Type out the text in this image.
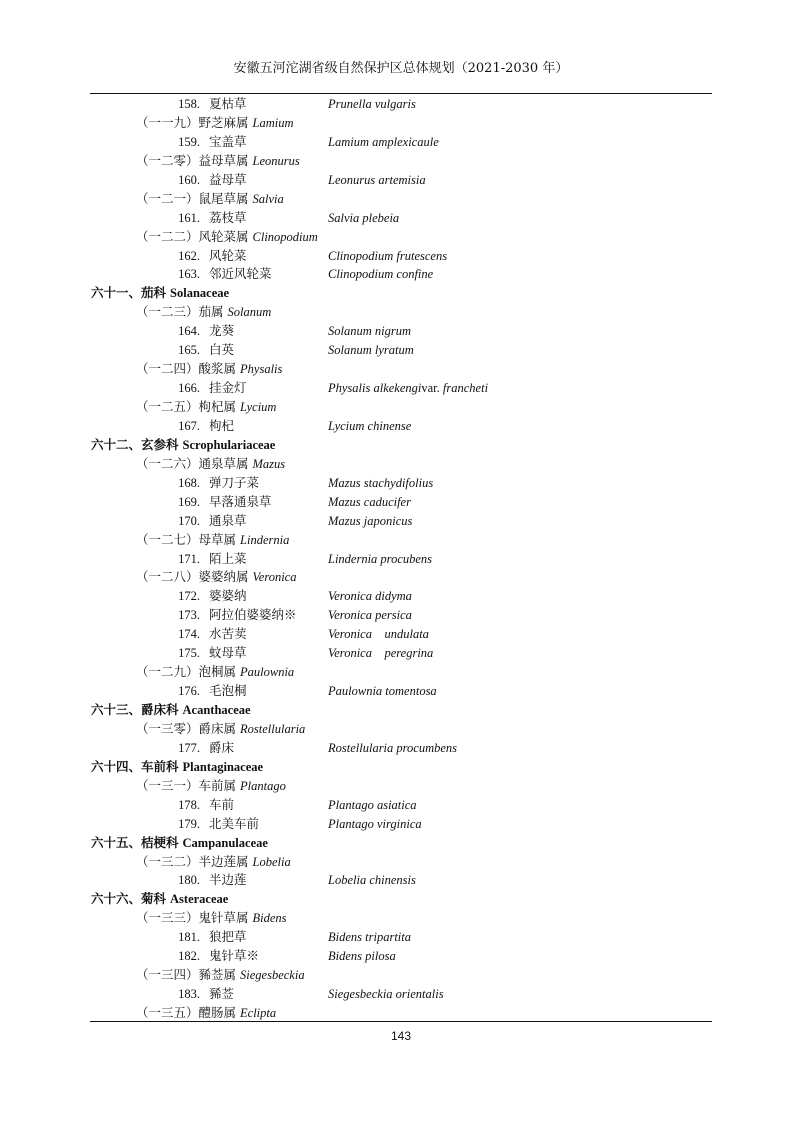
安徽五河沱湖省级自然保护区总体规划（2021-2030 年）
158. 夏枯草	Prunella vulgaris
（一一九）野芝麻属 Lamium
159. 宝盖草	Lamium amplexicaule
（一二零）益母草属 Leonurus
160. 益母草	Leonurus artemisia
（一二一）鼠尾草属 Salvia
161. 荔枝草	Salvia plebeia
（一二二）风轮菜属 Clinopodium
162. 风轮菜	Clinopodium frutescens
163. 邻近风轮菜	Clinopodium confine
六十一、茄科 Solanaceae
（一二三）茄属 Solanum
164. 龙葵	Solanum nigrum
165. 白英	Solanum lyratum
（一二四）酸浆属 Physalis
166. 挂金灯	Physalis alkekengivar. francheti
（一二五）枸杞属 Lycium
167. 枸杞	Lycium chinense
六十二、玄参科 Scrophulariaceae
（一二六）通泉草属 Mazus
168. 弹刀子菜	Mazus stachydifolius
169. 早落通泉草	Mazus caducifer
170. 通泉草	Mazus japonicus
（一二七）母草属 Lindernia
171. 陌上菜	Lindernia procubens
（一二八）婆婆纳属 Veronica
172. 婆婆纳	Veronica didyma
173. 阿拉伯婆婆纳※	Veronica persica
174. 水苦荬	Veronica　undulata
175. 蚊母草	Veronica　peregrina
（一二九）泡桐属 Paulownia
176. 毛泡桐	Paulownia tomentosa
六十三、爵床科 Acanthaceae
（一三零）爵床属 Rostellularia
177. 爵床	Rostellularia procumbens
六十四、车前科 Plantaginaceae
（一三一）车前属 Plantago
178. 车前	Plantago asiatica
179. 北美车前	Plantago virginica
六十五、桔梗科 Campanulaceae
（一三二）半边莲属 Lobelia
180. 半边莲	Lobelia chinensis
六十六、菊科 Asteraceae
（一三三）鬼针草属 Bidens
181. 狼把草	Bidens tripartita
182. 鬼针草※	Bidens pilosa
（一三四）豨莶属 Siegesbeckia
183. 豨莶	Siegesbeckia orientalis
（一三五）醴肠属 Eclipta
143
